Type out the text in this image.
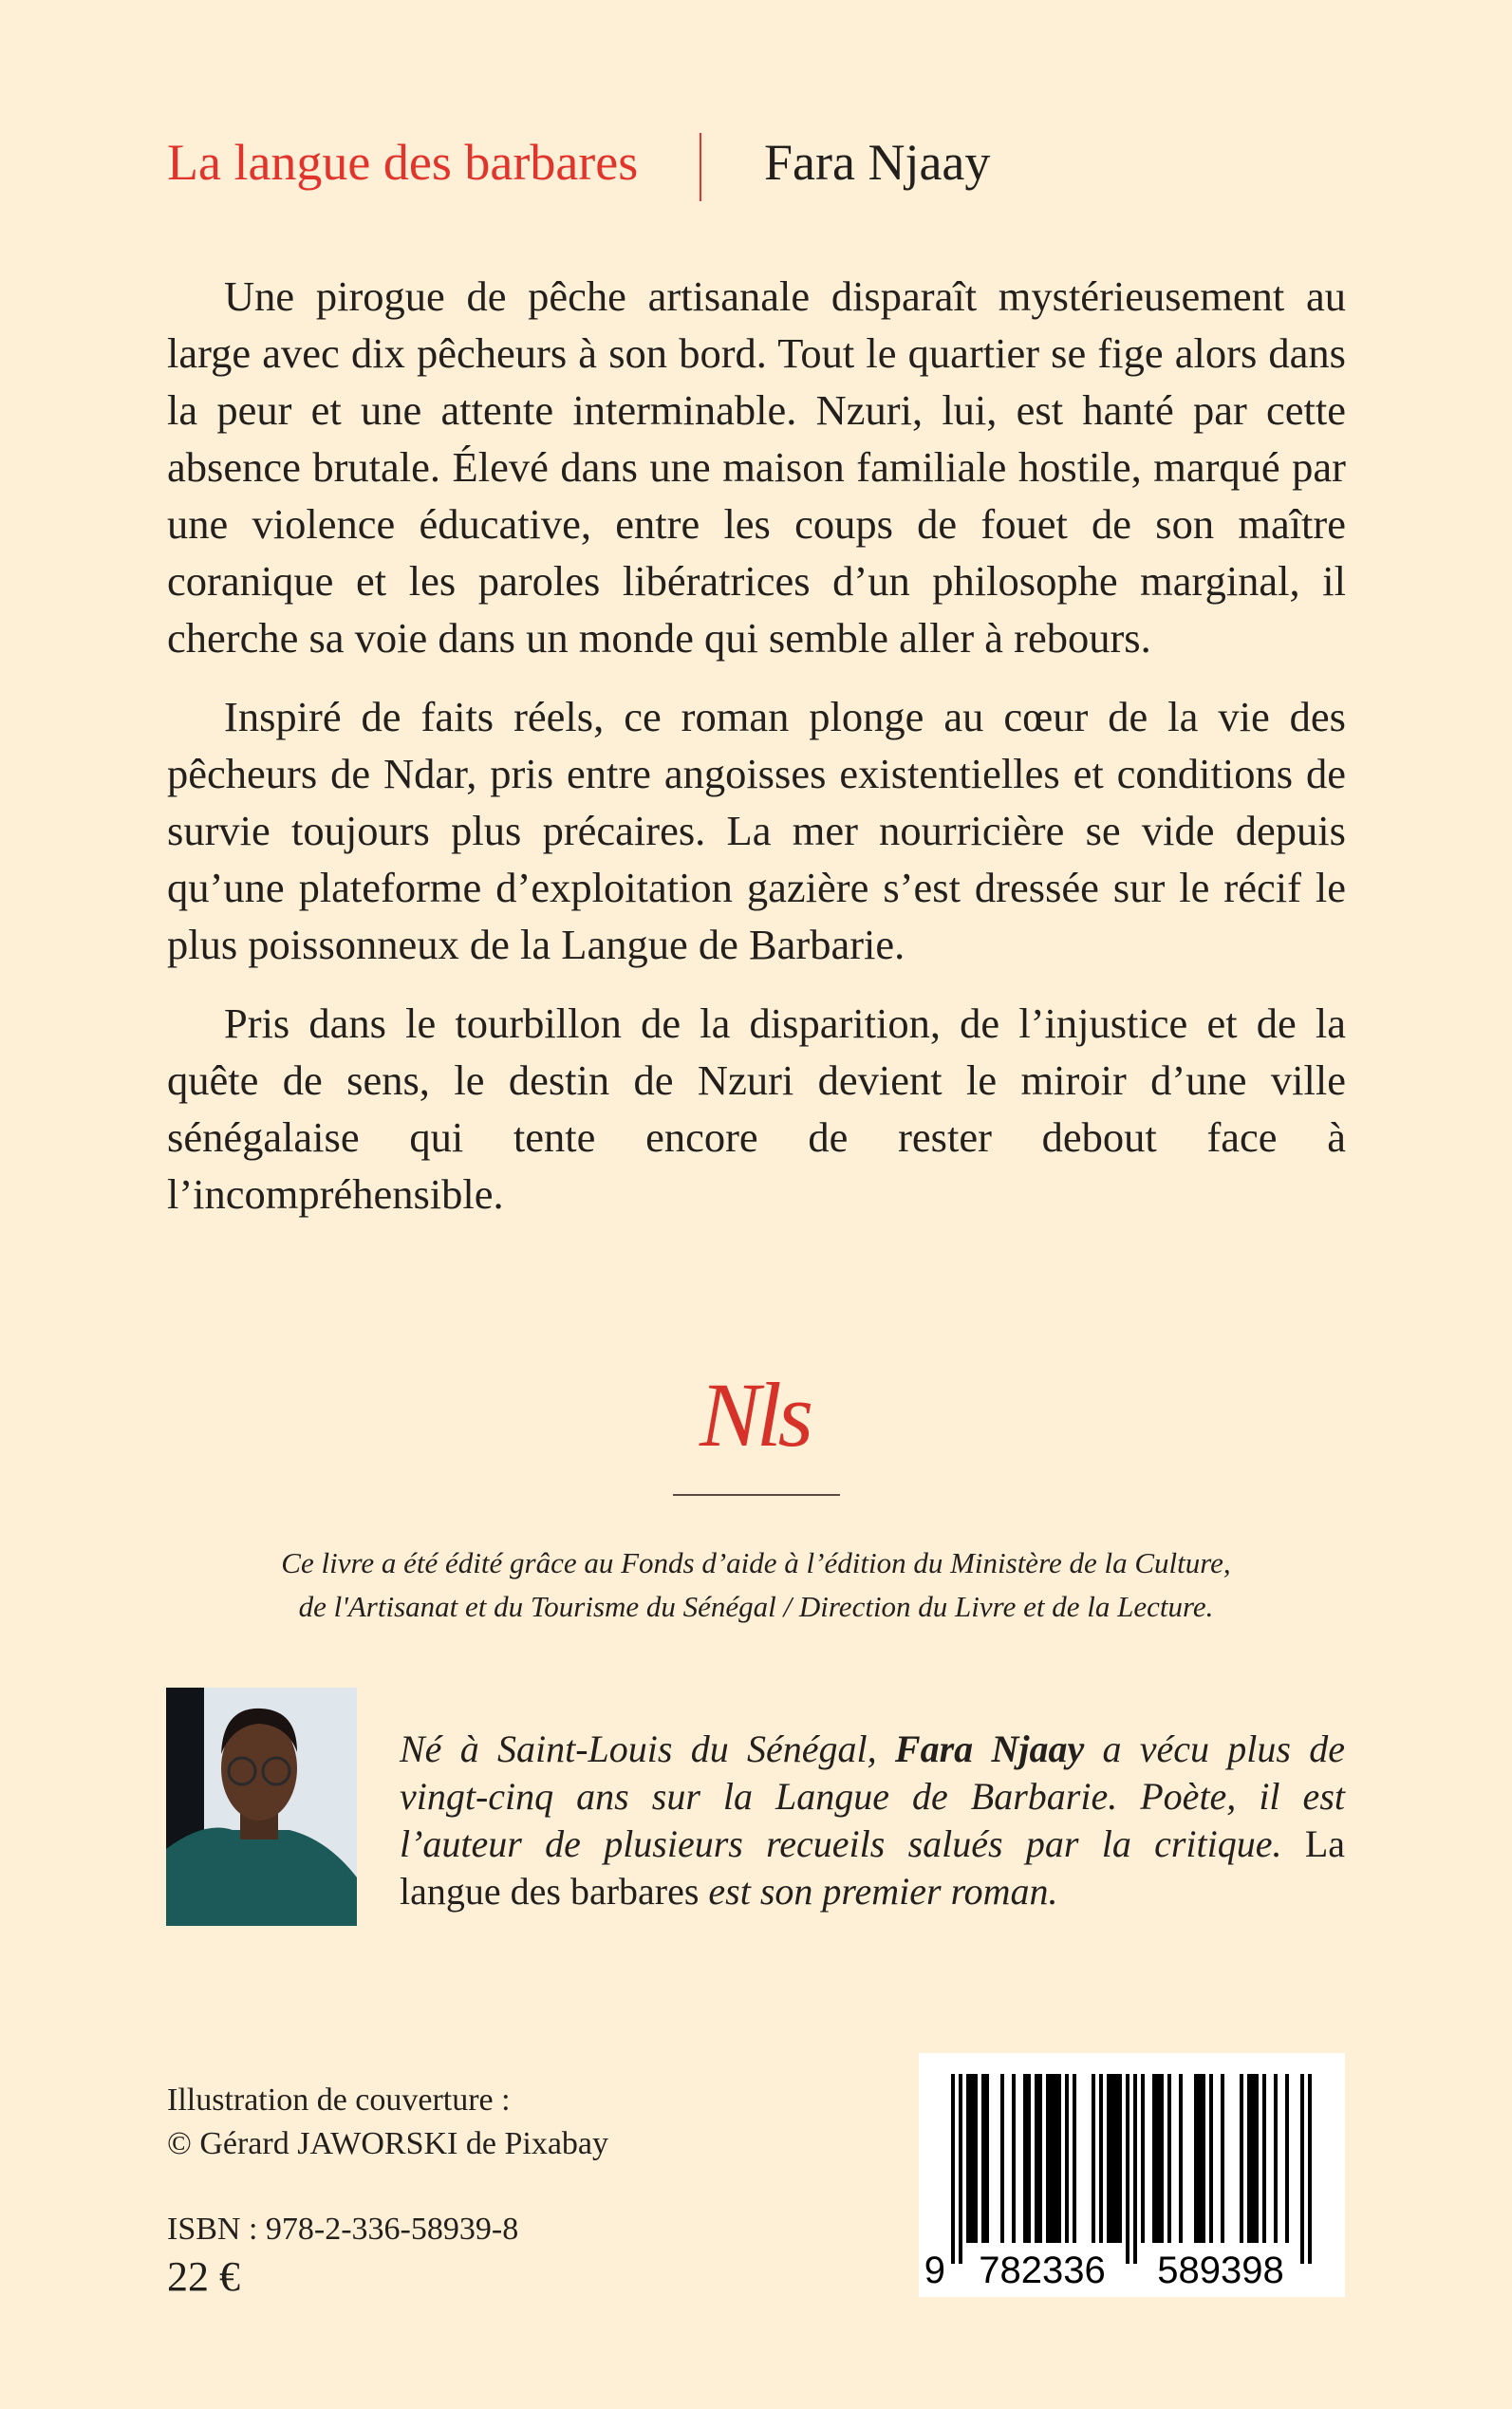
La langue des barbares Fara Njaay

Une pirogue de pêche artisanale disparaît mystérieusement au large avec dix pêcheurs à son bord. Tout le quartier se fige alors dans la peur et une attente interminable. Nzuri, lui, est hanté par cette absence brutale. Élevé dans une maison familiale hostile, marqué par une violence éducative, entre les coups de fouet de son maître coranique et les paroles libératrices d’un philosophe marginal, il cherche sa voie dans un monde qui semble aller à rebours.

Inspiré de faits réels, ce roman plonge au cœur de la vie des pêcheurs de Ndar, pris entre angoisses existentielles et conditions de survie toujours plus précaires. La mer nourricière se vide depuis qu’une plateforme d’exploitation gazière s’est dressée sur le récif le plus poissonneux de la Langue de Barbarie.

Pris dans le tourbillon de la disparition, de l’injustice et de la quête de sens, le destin de Nzuri devient le miroir d’une ville sénégalaise qui tente encore de rester debout face à l’incompréhensible.

Nls
Ce livre a été édité grâce au Fonds d’aide à l’édition du Ministère de la Culture,
de l'Artisanat et du Tourisme du Sénégal / Direction du Livre et de la Lecture.
Né à Saint-Louis du Sénégal, Fara Njaay a vécu plus de vingt-cinq ans sur la Langue de Barbarie. Poète, il est l’auteur de plusieurs recueils salués par la critique. La langue des barbares est son premier roman.
Illustration de couverture :
© Gérard JAWORSKI de Pixabay
ISBN : 978-2-336-58939-8
22 €	9 782336 589398
